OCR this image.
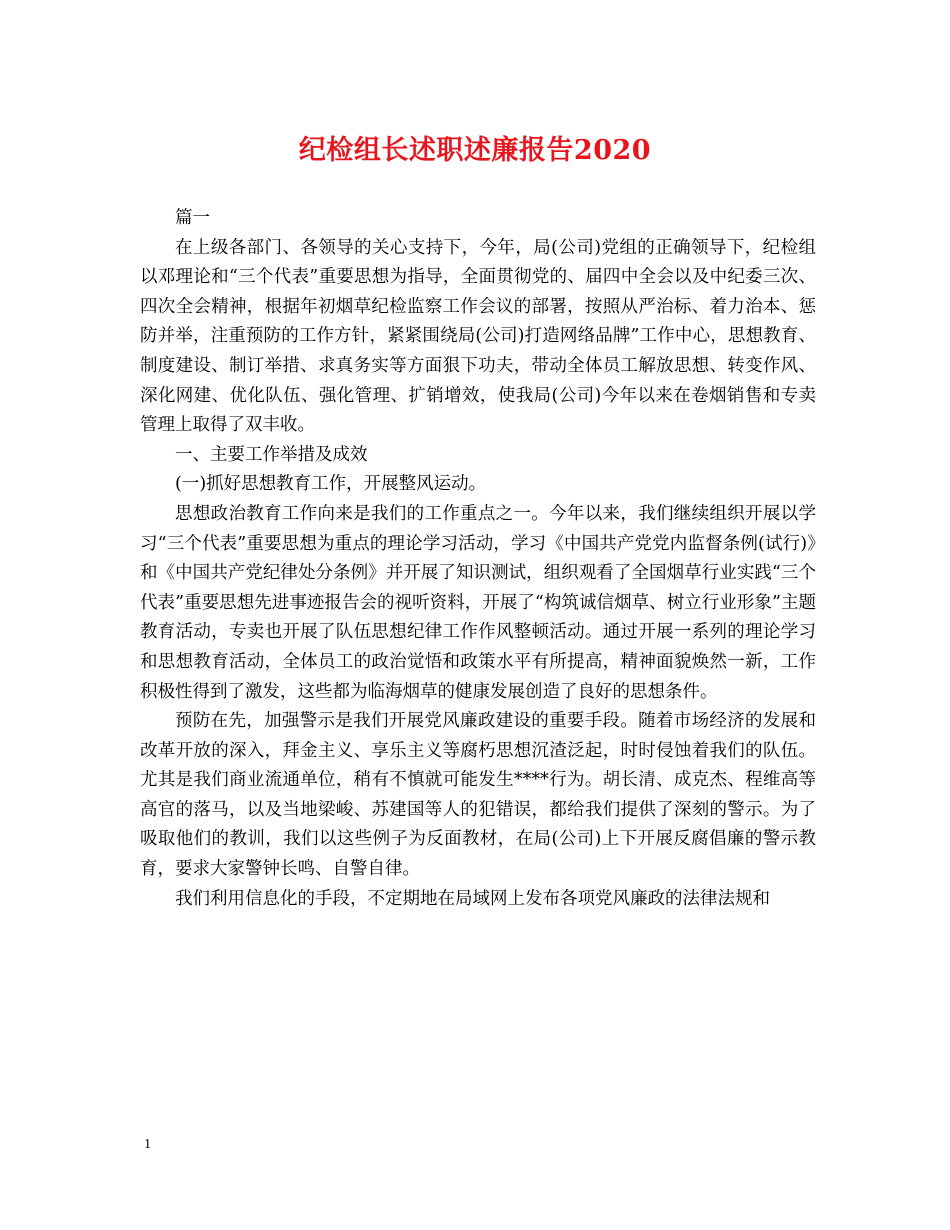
纪检组长述职述廉报告2020

篇一

在上级各部门、各领导的关心支持下，今年，局(公司)党组的正确领导下，纪检组以邓理论和“三个代表”重要思想为指导，全面贯彻党的、届四中全会以及中纪委三次、四次全会精神，根据年初烟草纪检监察工作会议的部署，按照从严治标、着力治本、惩防并举，注重预防的工作方针，紧紧围绕局(公司)打造网络品牌”工作中心，思想教育、制度建设、制订举措、求真务实等方面狠下功夫，带动全体员工解放思想、转变作风、深化网建、优化队伍、强化管理、扩销增效，使我局(公司)今年以来在卷烟销售和专卖管理上取得了双丰收。

一、主要工作举措及成效

(一)抓好思想教育工作，开展整风运动。

思想政治教育工作向来是我们的工作重点之一。今年以来，我们继续组织开展以学习“三个代表”重要思想为重点的理论学习活动，学习《中国共产党党内监督条例(试行)》和《中国共产党纪律处分条例》并开展了知识测试，组织观看了全国烟草行业实践“三个代表”重要思想先进事迹报告会的视听资料，开展了“构筑诚信烟草、树立行业形象”主题教育活动，专卖也开展了队伍思想纪律工作作风整顿活动。通过开展一系列的理论学习和思想教育活动，全体员工的政治觉悟和政策水平有所提高，精神面貌焕然一新，工作积极性得到了激发，这些都为临海烟草的健康发展创造了良好的思想条件。

预防在先，加强警示是我们开展党风廉政建设的重要手段。随着市场经济的发展和改革开放的深入，拜金主义、享乐主义等腐朽思想沉渣泛起，时时侵蚀着我们的队伍。尤其是我们商业流通单位，稍有不慎就可能发生****行为。胡长清、成克杰、程维高等高官的落马，以及当地梁峻、苏建国等人的犯错误，都给我们提供了深刻的警示。为了吸取他们的教训，我们以这些例子为反面教材，在局(公司)上下开展反腐倡廉的警示教育，要求大家警钟长鸣、自警自律。

我们利用信息化的手段，不定期地在局域网上发布各项党风廉政的法律法规和

1
